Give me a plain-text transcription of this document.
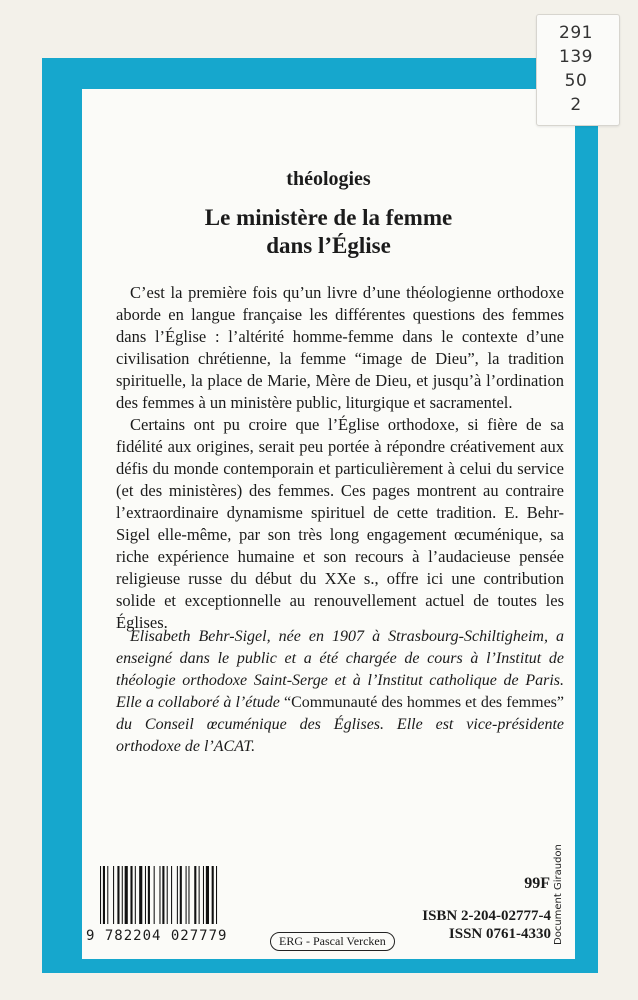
291
139
50
2
théologies
Le ministère de la femme
dans l’Église

C’est la première fois qu’un livre d’une théologienne orthodoxe aborde en langue française les différentes questions des femmes dans l’Église : l’altérité homme-femme dans le contexte d’une civilisation chrétienne, la femme “image de Dieu”, la tradition spirituelle, la place de Marie, Mère de Dieu, et jusqu’à l’ordination des femmes à un ministère public, liturgique et sacramentel.

Certains ont pu croire que l’Église orthodoxe, si fière de sa fidélité aux origines, serait peu portée à répondre créativement aux défis du monde contemporain et particulièrement à celui du service (et des ministères) des femmes. Ces pages montrent au contraire l’extraordinaire dynamisme spirituel de cette tradition. E. Behr-Sigel elle-même, par son très long engagement œcuménique, sa riche expérience humaine et son recours à l’audacieuse pensée religieuse russe du début du XXe s., offre ici une contribution solide et exceptionnelle au renouvellement actuel de toutes les Églises.

Elisabeth Behr-Sigel, née en 1907 à Strasbourg-Schiltigheim, a enseigné dans le public et a été chargée de cours à l’Institut de théologie orthodoxe Saint-Serge et à l’Institut catholique de Paris. Elle a collaboré à l’étude “Communauté des hommes et des femmes” du Conseil œcuménique des Églises. Elle est vice-présidente orthodoxe de l’ACAT.

9 782204 027779	ERG - Pascal Vercken
99F
ISBN 2-204-02777-4
ISSN 0761-4330 Document Giraudon
